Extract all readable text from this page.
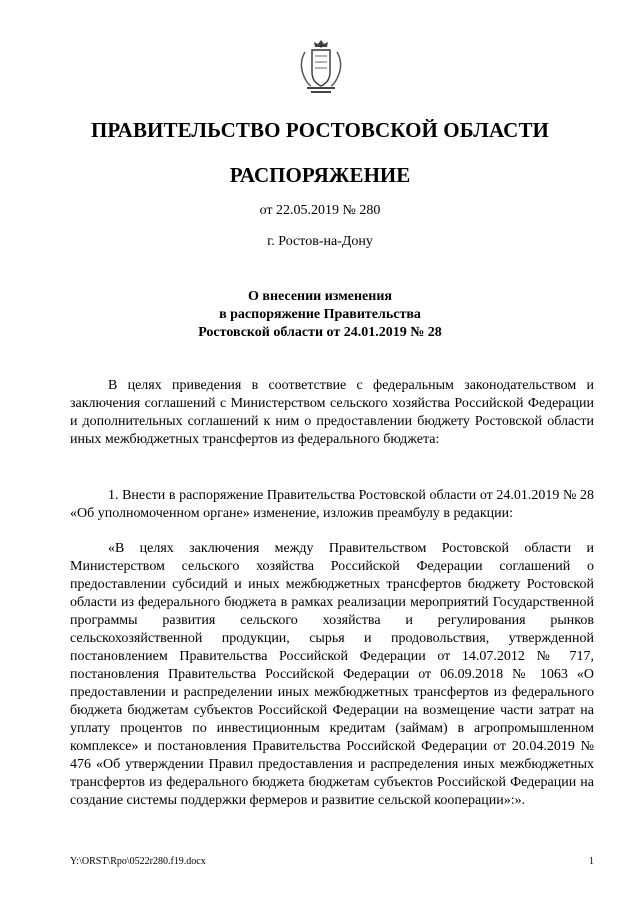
ПРАВИТЕЛЬСТВО РОСТОВСКОЙ ОБЛАСТИ
РАСПОРЯЖЕНИЕ
от 22.05.2019 № 280
г. Ростов-на-Дону
О внесении изменения
в распоряжение Правительства
Ростовской области от 24.01.2019 № 28
В целях приведения в соответствие с федеральным законодательством и заключения соглашений с Министерством сельского хозяйства Российской Федерации и дополнительных соглашений к ним о предоставлении бюджету Ростовской области иных межбюджетных трансфертов из федерального бюджета:
1. Внести в распоряжение Правительства Ростовской области от 24.01.2019 № 28 «Об уполномоченном органе» изменение, изложив преамбулу в редакции:
«В целях заключения между Правительством Ростовской области и Министерством сельского хозяйства Российской Федерации соглашений о предоставлении субсидий и иных межбюджетных трансфертов бюджету Ростовской области из федерального бюджета в рамках реализации мероприятий Государственной программы развития сельского хозяйства и регулирования рынков сельскохозяйственной продукции, сырья и продовольствия, утвержденной постановлением Правительства Российской Федерации от 14.07.2012 № 717, постановления Правительства Российской Федерации от 06.09.2018 № 1063 «О предоставлении и распределении иных межбюджетных трансфертов из федерального бюджета бюджетам субъектов Российской Федерации на возмещение части затрат на уплату процентов по инвестиционным кредитам (займам) в агропромышленном комплексе» и постановления Правительства Российской Федерации от 20.04.2019 № 476 «Об утверждении Правил предоставления и распределения иных межбюджетных трансфертов из федерального бюджета бюджетам субъектов Российской Федерации на создание системы поддержки фермеров и развитие сельской кооперации»:».
Y:\ORST\Rpo\0522r280.f19.docx	1
